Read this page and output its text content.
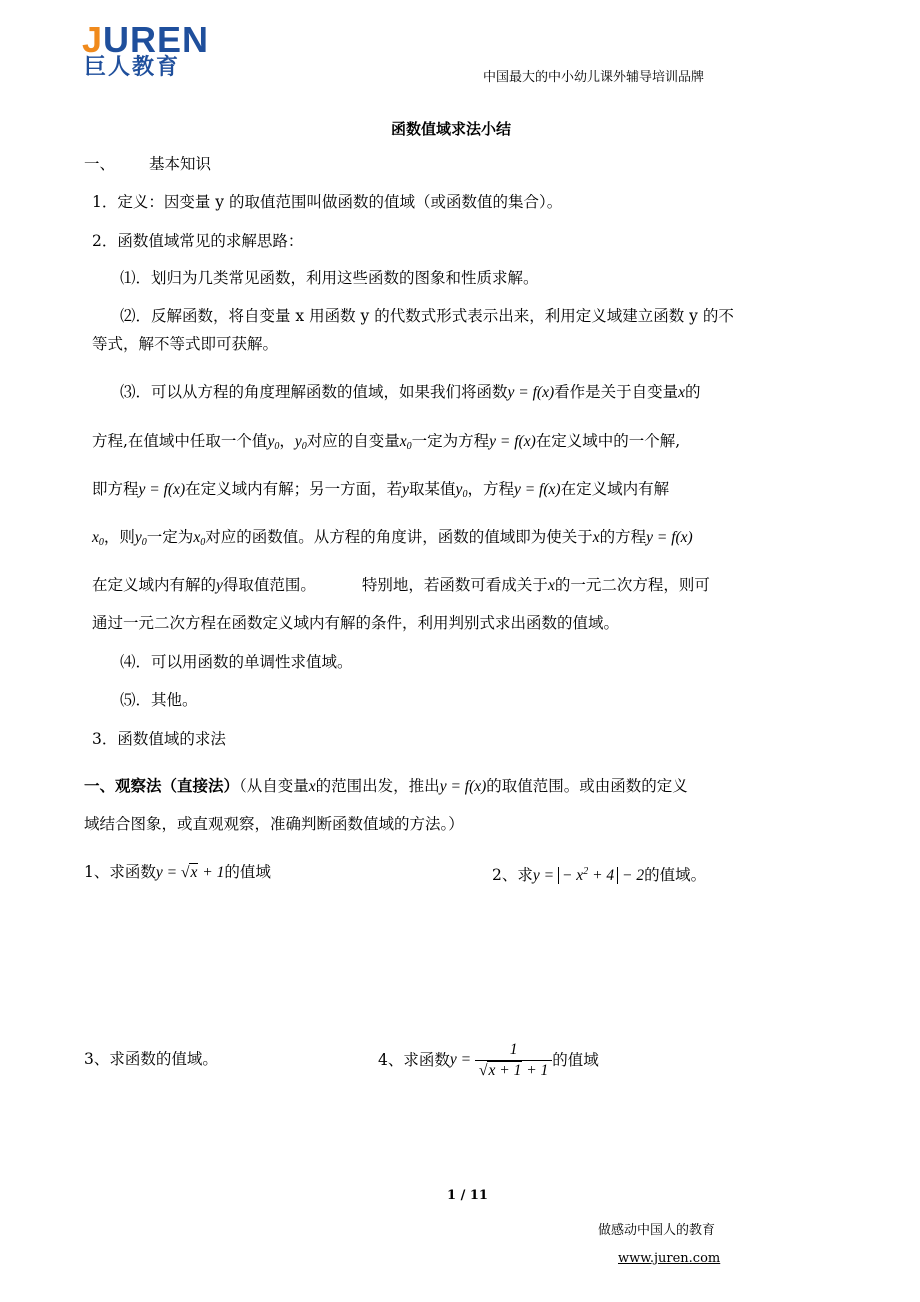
JUREN
巨人教育	中国最大的中小幼儿课外辅导培训品牌
函数值域求法小结
一、 基本知识
1．定义：因变量 y 的取值范围叫做函数的值域（或函数值的集合）。
2．函数值域常见的求解思路：
⑴．划归为几类常见函数，利用这些函数的图象和性质求解。
⑵．反解函数，将自变量 x 用函数 y 的代数式形式表示出来，利用定义域建立函数 y 的不
等式，解不等式即可获解。
⑶．可以从方程的角度理解函数的值域，如果我们将函数y = f(x)看作是关于自变量x的
方程,在值域中任取一个值$y_0$，$y_0$对应的自变量$x_0$一定为方程y = f(x)在定义域中的一个解,
即方程y = f(x)在定义域内有解；另一方面，若y取某值$y_0$，方程y = f(x)在定义域内有解
$x_0$，则$y_0$一定为$x_0$对应的函数值。从方程的角度讲，函数的值域即为使关于x的方程y = f(x)
在定义域内有解的y得取值范围。	特别地，若函数可看成关于x的一元二次方程，则可
通过一元二次方程在函数定义域内有解的条件，利用判别式求出函数的值域。
⑷．可以用函数的单调性求值域。
⑸．其他。
3．函数值域的求法
一、观察法（直接法）（从自变量x的范围出发，推出y = f(x)的取值范围。或由函数的定义
域结合图象，或直观观察，准确判断函数值域的方法。）
1、求函数y = √x + 1的值域	2、求y = − $x^2 + 4 - 2$的值域。
3、求函数的值域。	4、求函数 $y = \frac{1}{√x + 1 + 1}$ 的值域
1 / 11
做感动中国人的教育
www.juren.com
